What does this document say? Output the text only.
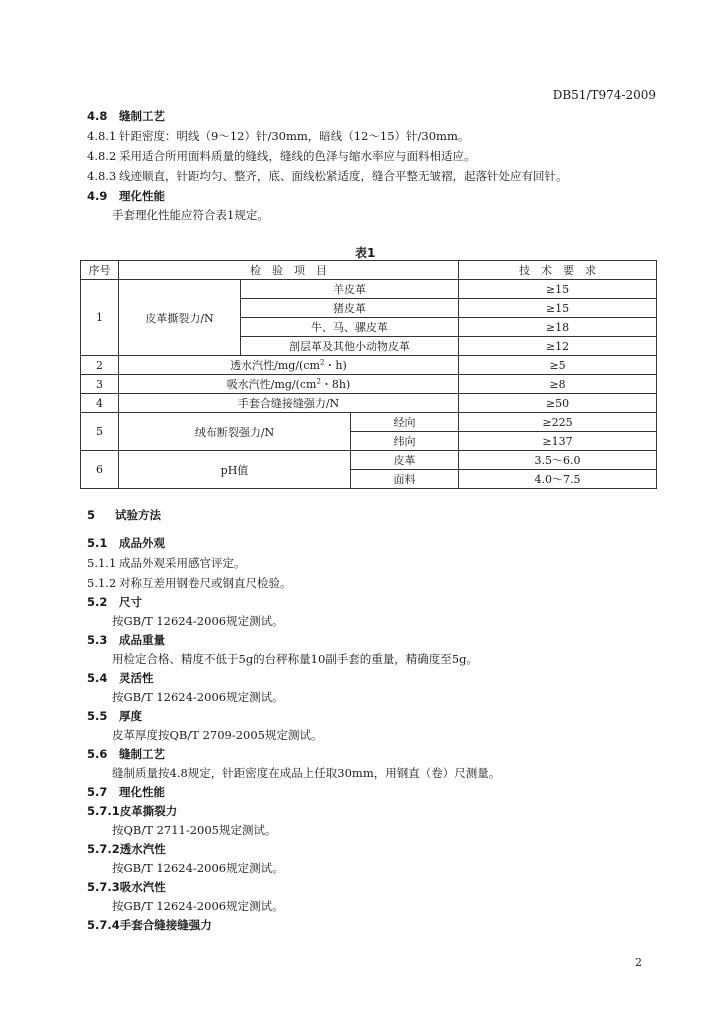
DB51/T974-2009
4.8 缝制工艺
4.8.1 针距密度：明线（9～12）针/30mm，暗线（12～15）针/30mm。
4.8.2 采用适合所用面料质量的缝线，缝线的色泽与缩水率应与面料相适应。
4.8.3 线迹顺直，针距均匀、整齐，底、面线松紧适度，缝合平整无皱褶，起落针处应有回针。
4.9 理化性能
手套理化性能应符合表1规定。
表1
序号	检　验　项　目			技　术　要　求
1	皮革撕裂力/N	羊皮革		≥15
		猪皮革		≥15
		牛、马、骡皮革		≥18
		剖层革及其他小动物皮革		≥12
2	透水汽性$/mg/(cm^2$・h)			≥5
3	吸水汽性$/mg/(cm^2$・8h)			≥8
4	手套合缝接缝强力/N			≥50
5	绒布断裂强力/N		经向	≥225
			纬向	≥137
6	pH值		皮革	3.5～6.0
			面料	4.0～7.5
5 试验方法
5.1 成品外观
5.1.1 成品外观采用感官评定。
5.1.2 对称互差用钢卷尺或钢直尺检验。
5.2 尺寸
按GB/T 12624-2006规定测试。
5.3 成品重量
用检定合格、精度不低于5g的台秤称量10副手套的重量，精确度至5g。
5.4 灵活性
按GB/T 12624-2006规定测试。
5.5 厚度
皮革厚度按QB/T 2709-2005规定测试。
5.6 缝制工艺
缝制质量按4.8规定，针距密度在成品上任取30mm，用钢直（卷）尺测量。
5.7 理化性能
5.7.1皮革撕裂力
按QB/T 2711-2005规定测试。
5.7.2透水汽性
按GB/T 12624-2006规定测试。
5.7.3吸水汽性
按GB/T 12624-2006规定测试。
5.7.4手套合缝接缝强力
2
